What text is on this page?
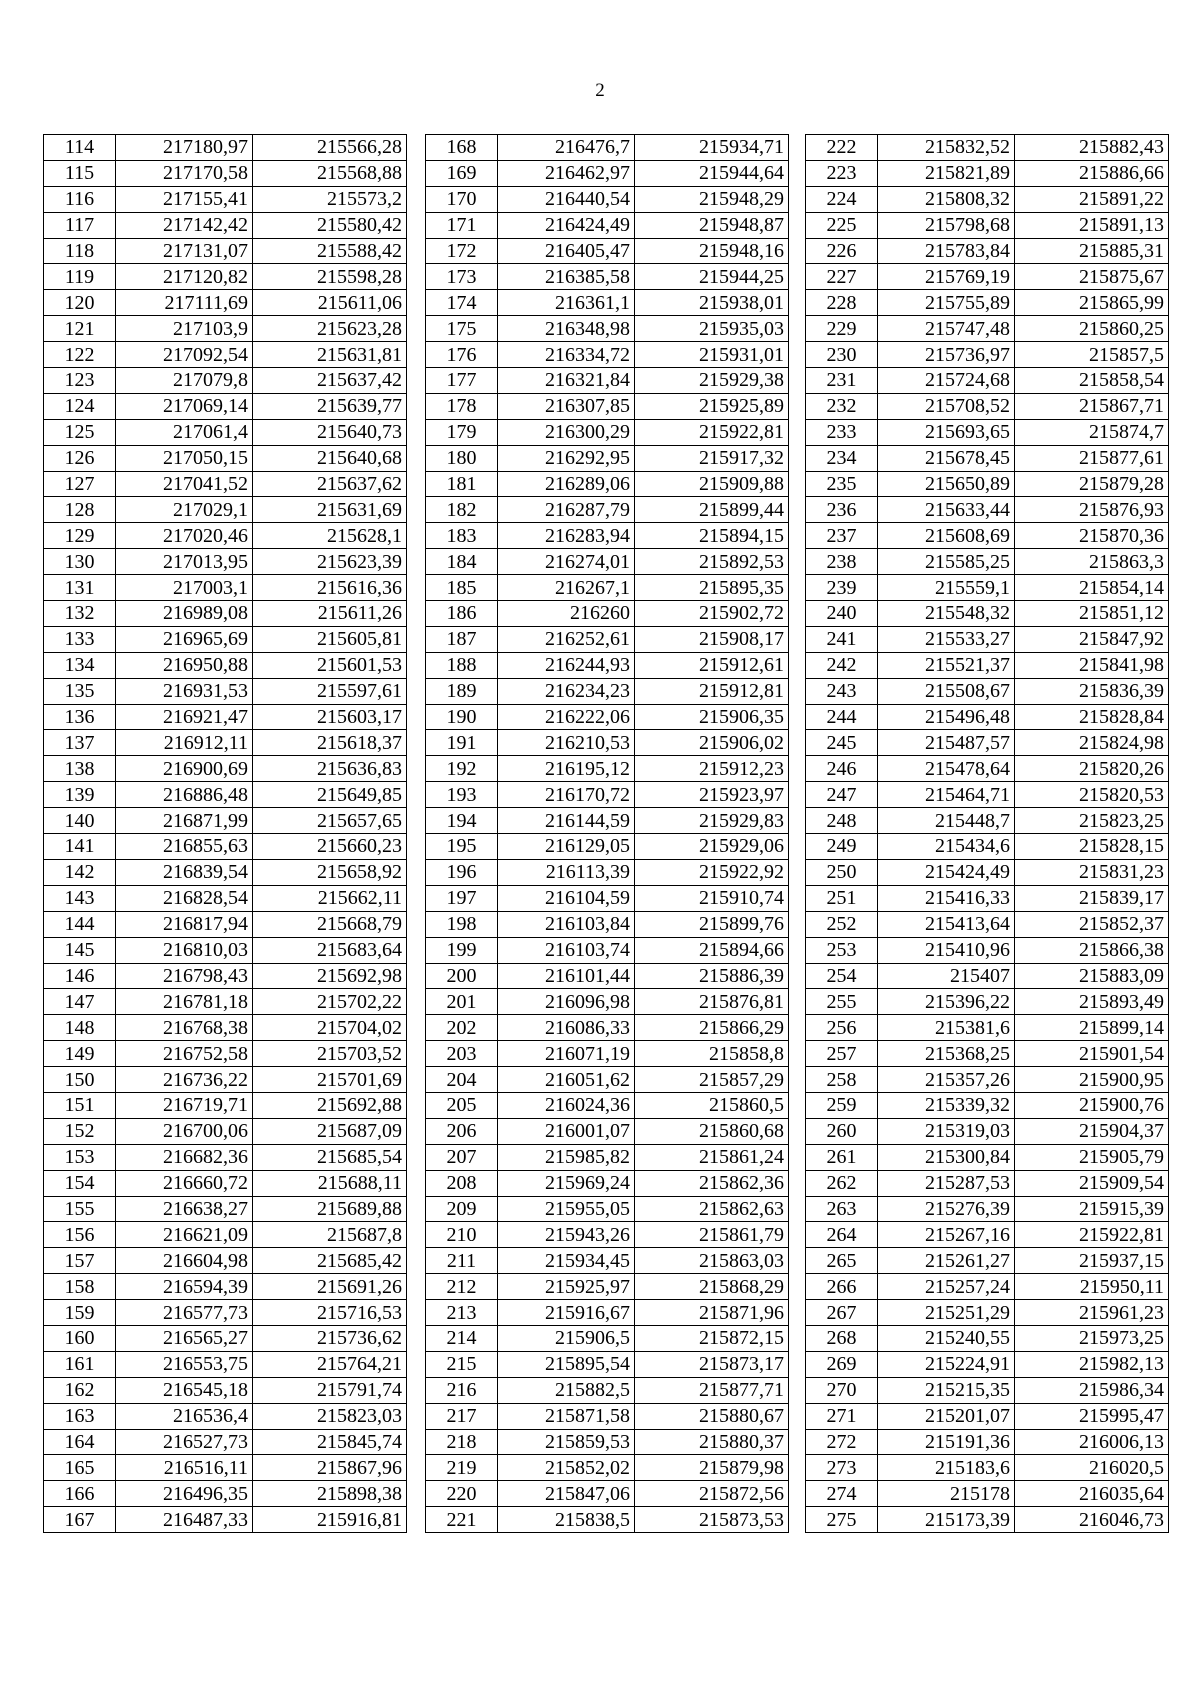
2
114	217180,97	215566,28
115	217170,58	215568,88
116	217155,41	215573,2
117	217142,42	215580,42
118	217131,07	215588,42
119	217120,82	215598,28
120	217111,69	215611,06
121	217103,9	215623,28
122	217092,54	215631,81
123	217079,8	215637,42
124	217069,14	215639,77
125	217061,4	215640,73
126	217050,15	215640,68
127	217041,52	215637,62
128	217029,1	215631,69
129	217020,46	215628,1
130	217013,95	215623,39
131	217003,1	215616,36
132	216989,08	215611,26
133	216965,69	215605,81
134	216950,88	215601,53
135	216931,53	215597,61
136	216921,47	215603,17
137	216912,11	215618,37
138	216900,69	215636,83
139	216886,48	215649,85
140	216871,99	215657,65
141	216855,63	215660,23
142	216839,54	215658,92
143	216828,54	215662,11
144	216817,94	215668,79
145	216810,03	215683,64
146	216798,43	215692,98
147	216781,18	215702,22
148	216768,38	215704,02
149	216752,58	215703,52
150	216736,22	215701,69
151	216719,71	215692,88
152	216700,06	215687,09
153	216682,36	215685,54
154	216660,72	215688,11
155	216638,27	215689,88
156	216621,09	215687,8
157	216604,98	215685,42
158	216594,39	215691,26
159	216577,73	215716,53
160	216565,27	215736,62
161	216553,75	215764,21
162	216545,18	215791,74
163	216536,4	215823,03
164	216527,73	215845,74
165	216516,11	215867,96
166	216496,35	215898,38
167	216487,33	215916,81
168	216476,7	215934,71
169	216462,97	215944,64
170	216440,54	215948,29
171	216424,49	215948,87
172	216405,47	215948,16
173	216385,58	215944,25
174	216361,1	215938,01
175	216348,98	215935,03
176	216334,72	215931,01
177	216321,84	215929,38
178	216307,85	215925,89
179	216300,29	215922,81
180	216292,95	215917,32
181	216289,06	215909,88
182	216287,79	215899,44
183	216283,94	215894,15
184	216274,01	215892,53
185	216267,1	215895,35
186	216260	215902,72
187	216252,61	215908,17
188	216244,93	215912,61
189	216234,23	215912,81
190	216222,06	215906,35
191	216210,53	215906,02
192	216195,12	215912,23
193	216170,72	215923,97
194	216144,59	215929,83
195	216129,05	215929,06
196	216113,39	215922,92
197	216104,59	215910,74
198	216103,84	215899,76
199	216103,74	215894,66
200	216101,44	215886,39
201	216096,98	215876,81
202	216086,33	215866,29
203	216071,19	215858,8
204	216051,62	215857,29
205	216024,36	215860,5
206	216001,07	215860,68
207	215985,82	215861,24
208	215969,24	215862,36
209	215955,05	215862,63
210	215943,26	215861,79
211	215934,45	215863,03
212	215925,97	215868,29
213	215916,67	215871,96
214	215906,5	215872,15
215	215895,54	215873,17
216	215882,5	215877,71
217	215871,58	215880,67
218	215859,53	215880,37
219	215852,02	215879,98
220	215847,06	215872,56
221	215838,5	215873,53
222	215832,52	215882,43
223	215821,89	215886,66
224	215808,32	215891,22
225	215798,68	215891,13
226	215783,84	215885,31
227	215769,19	215875,67
228	215755,89	215865,99
229	215747,48	215860,25
230	215736,97	215857,5
231	215724,68	215858,54
232	215708,52	215867,71
233	215693,65	215874,7
234	215678,45	215877,61
235	215650,89	215879,28
236	215633,44	215876,93
237	215608,69	215870,36
238	215585,25	215863,3
239	215559,1	215854,14
240	215548,32	215851,12
241	215533,27	215847,92
242	215521,37	215841,98
243	215508,67	215836,39
244	215496,48	215828,84
245	215487,57	215824,98
246	215478,64	215820,26
247	215464,71	215820,53
248	215448,7	215823,25
249	215434,6	215828,15
250	215424,49	215831,23
251	215416,33	215839,17
252	215413,64	215852,37
253	215410,96	215866,38
254	215407	215883,09
255	215396,22	215893,49
256	215381,6	215899,14
257	215368,25	215901,54
258	215357,26	215900,95
259	215339,32	215900,76
260	215319,03	215904,37
261	215300,84	215905,79
262	215287,53	215909,54
263	215276,39	215915,39
264	215267,16	215922,81
265	215261,27	215937,15
266	215257,24	215950,11
267	215251,29	215961,23
268	215240,55	215973,25
269	215224,91	215982,13
270	215215,35	215986,34
271	215201,07	215995,47
272	215191,36	216006,13
273	215183,6	216020,5
274	215178	216035,64
275	215173,39	216046,73
